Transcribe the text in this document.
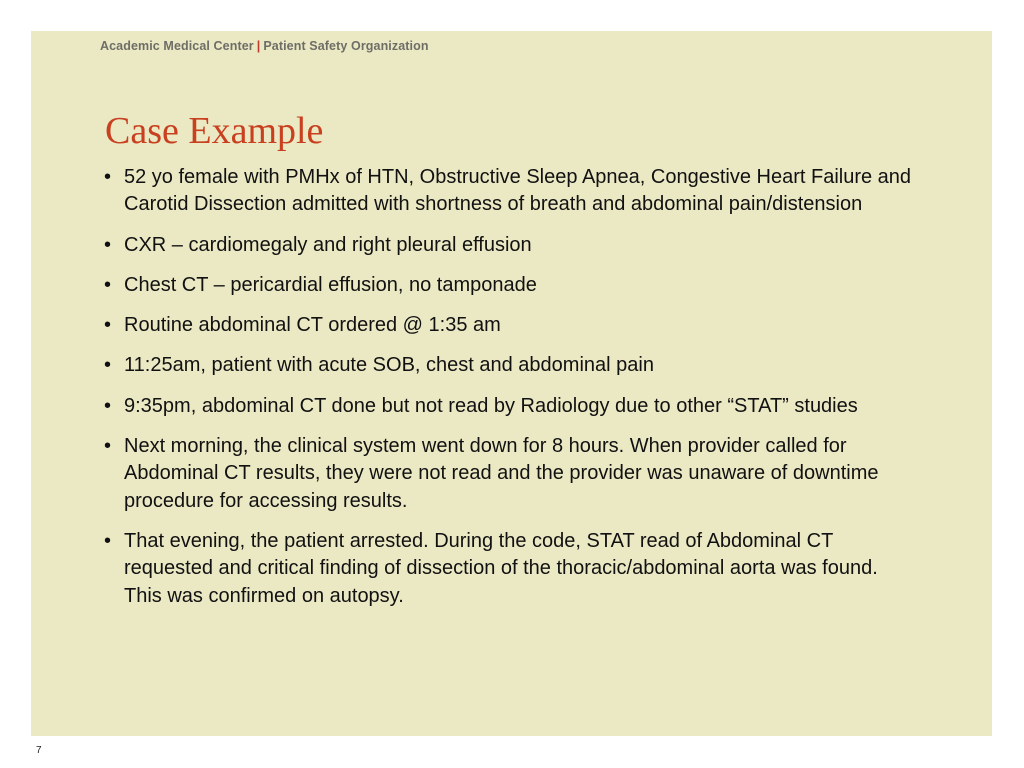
Academic Medical Center | Patient Safety Organization
Case Example
• 52 yo female with PMHx of HTN, Obstructive Sleep Apnea, Congestive Heart Failure and Carotid Dissection admitted with shortness of breath and abdominal pain/distension
• CXR – cardiomegaly and right pleural effusion
• Chest CT – pericardial effusion, no tamponade
• Routine abdominal CT ordered @ 1:35 am
• 11:25am, patient with acute SOB, chest and abdominal pain
• 9:35pm, abdominal CT done but not read by Radiology due to other “STAT” studies
• Next morning, the clinical system went down for 8 hours. When provider called for Abdominal CT results, they were not read and the provider was unaware of downtime procedure for accessing results.
• That evening, the patient arrested. During the code, STAT read of Abdominal CT requested and critical finding of dissection of the thoracic/abdominal aorta was found. This was confirmed on autopsy.
7
